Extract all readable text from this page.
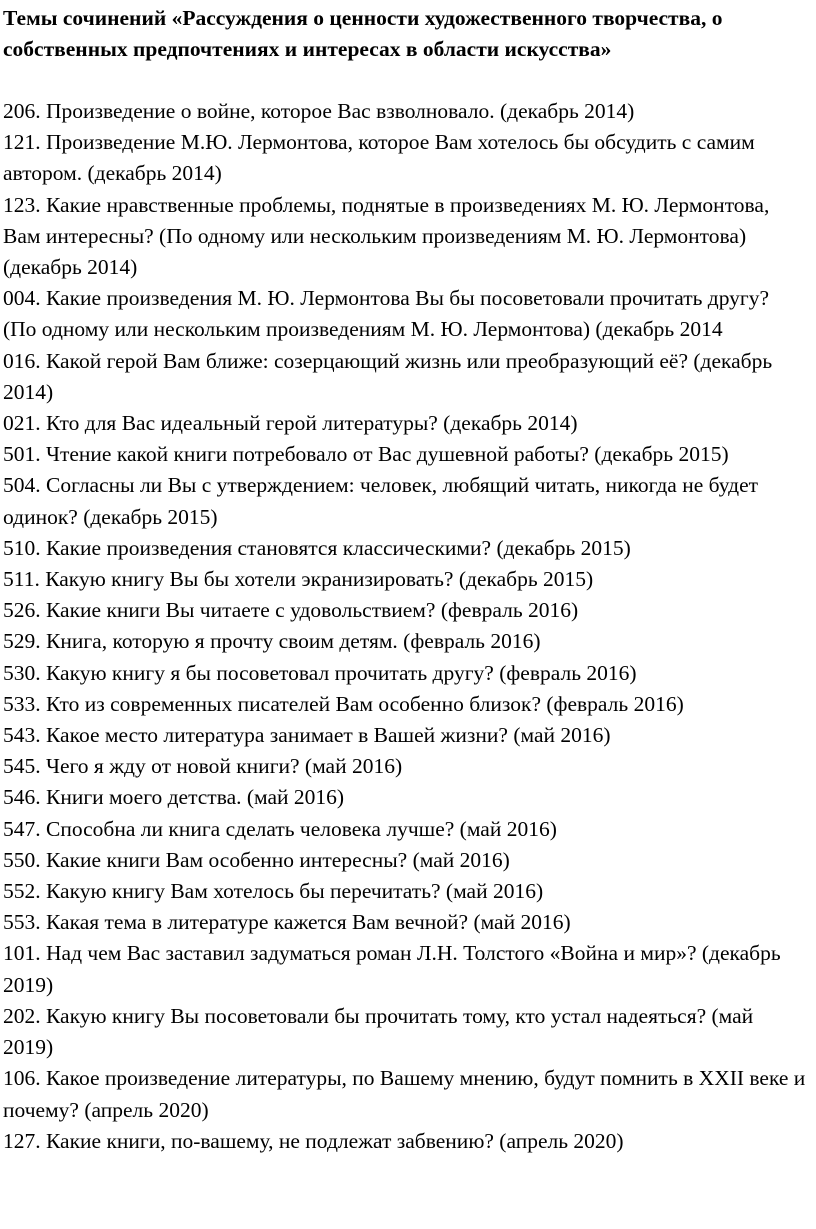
Темы сочинений «Рассуждения о ценности художественного творчества, о собственных предпочтениях и интересах в области искусства»
206. Произведение о войне, которое Вас взволновало. (декабрь 2014)
121. Произведение М.Ю. Лермонтова, которое Вам хотелось бы обсудить с самим автором. (декабрь 2014)
123. Какие нравственные проблемы, поднятые в произведениях М. Ю. Лермонтова, Вам интересны? (По одному или нескольким произведениям М. Ю. Лермонтова) (декабрь 2014)
004. Какие произведения М. Ю. Лермонтова Вы бы посоветовали прочитать другу? (По одному или нескольким произведениям М. Ю. Лермонтова) (декабрь 2014
016. Какой герой Вам ближе: созерцающий жизнь или преобразующий её? (декабрь 2014)
021. Кто для Вас идеальный герой литературы? (декабрь 2014)
501. Чтение какой книги потребовало от Вас душевной работы? (декабрь 2015)
504. Согласны ли Вы с утверждением: человек, любящий читать, никогда не будет одинок? (декабрь 2015)
510. Какие произведения становятся классическими? (декабрь 2015)
511. Какую книгу Вы бы хотели экранизировать? (декабрь 2015)
526. Какие книги Вы читаете с удовольствием? (февраль 2016)
529. Книга, которую я прочту своим детям. (февраль 2016)
530. Какую книгу я бы посоветовал прочитать другу? (февраль 2016)
533. Кто из современных писателей Вам особенно близок? (февраль 2016)
543. Какое место литература занимает в Вашей жизни? (май 2016)
545. Чего я жду от новой книги? (май 2016)
546. Книги моего детства. (май 2016)
547. Способна ли книга сделать человека лучше? (май 2016)
550. Какие книги Вам особенно интересны? (май 2016)
552. Какую книгу Вам хотелось бы перечитать? (май 2016)
553. Какая тема в литературе кажется Вам вечной? (май 2016)
101. Над чем Вас заставил задуматься роман Л.Н. Толстого «Война и мир»? (декабрь 2019)
202. Какую книгу Вы посоветовали бы прочитать тому, кто устал надеяться? (май 2019)
106. Какое произведение литературы, по Вашему мнению, будут помнить в XXII веке и почему? (апрель 2020)
127. Какие книги, по-вашему, не подлежат забвению? (апрель 2020)
